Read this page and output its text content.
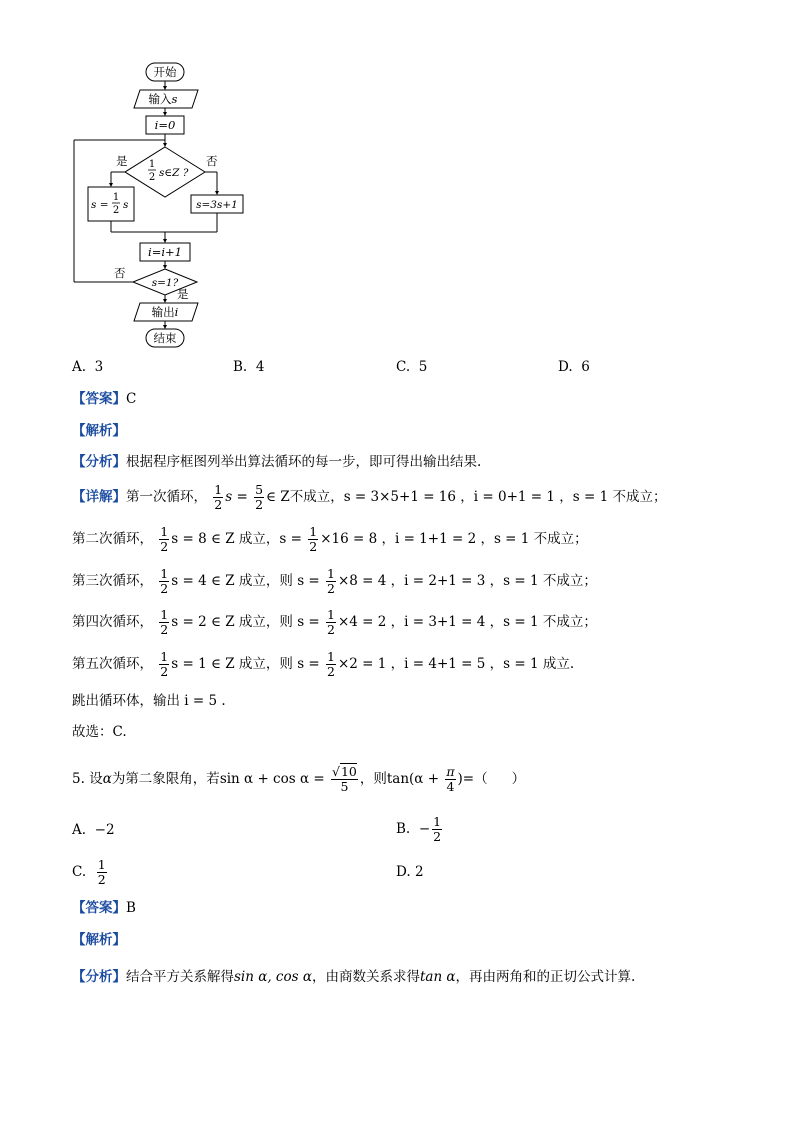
开始
输入s
i=0
1
2 s∈Z ?
是	否
s =
1
2 s	s=3s+1
i=i+1
s=1?
否
是
输出i
结束
A. 3	B. 4	C. 5	D. 6
【答案】C
【解析】
【分析】根据程序框图列举出算法循环的每一步，即可得出输出结果.
【详解】第一次循环， $\frac{1}{2}$ $s = \frac{5}{2}$ ∈ Z不成立，s = 3×5+1 = 16 ，i = 0+1 = 1 ，s = 1 不成立；
第二次循环， $\frac{1}{2}$ s = 8 ∈ Z 成立，$s = \frac{1}{2} \times 16 = 8$ ，i = 1+1 = 2 ，s = 1 不成立；
第三次循环， $\frac{1}{2}$ s = 4 ∈ Z 成立，则 $s = \frac{1}{2} \times 8 = 4$ ，i = 2+1 = 3 ，s = 1 不成立；
第四次循环， $\frac{1}{2}$ s = 2 ∈ Z 成立，则 $s = \frac{1}{2} \times 4 = 2$ ，i = 3+1 = 4 ，s = 1 不成立；
第五次循环， $\frac{1}{2}$ s = 1 ∈ Z 成立，则 $s = \frac{1}{2} \times 2 = 1$ ，i = 4+1 = 5 ，s = 1 成立.
跳出循环体，输出 i = 5 .
故选：C.
5. 设α为第二象限角，若$\sin \alpha + \cos \alpha = \frac{√10}{5}$ ，则$\tan(\alpha + \frac{\pi}{4}$ )=（ ）
A. −2	B. − $\frac{1}{2}$
C. $\frac{1}{2}$	D. 2
【答案】B
【解析】
【分析】结合平方关系解得sin α, cos α，由商数关系求得tan α，再由两角和的正切公式计算.
